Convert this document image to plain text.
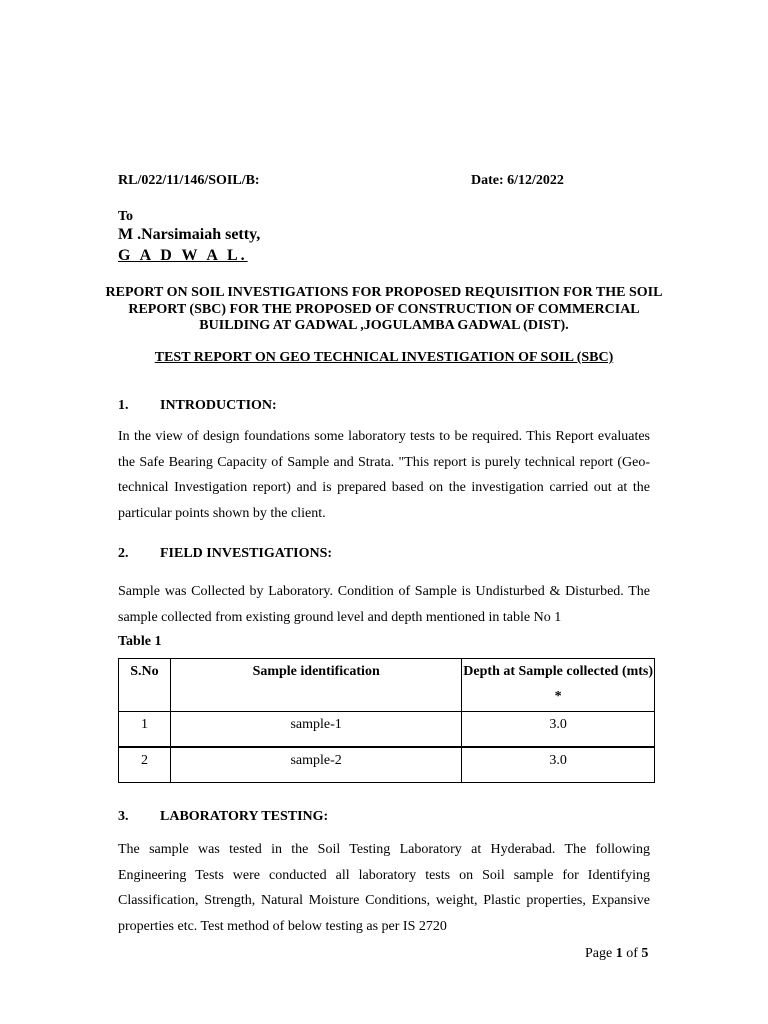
RL/022/11/146/SOIL/B:	Date: 6/12/2022
To
M .Narsimaiah setty,
G A D W A L.
REPORT ON SOIL INVESTIGATIONS FOR PROPOSED REQUISITION FOR THE SOIL REPORT (SBC) FOR THE PROPOSED OF CONSTRUCTION OF COMMERCIAL BUILDING AT GADWAL ,JOGULAMBA GADWAL (DIST).
TEST REPORT ON GEO TECHNICAL INVESTIGATION OF SOIL (SBC)
1. INTRODUCTION:
In the view of design foundations some laboratory tests to be required. This Report evaluates the Safe Bearing Capacity of Sample and Strata. "This report is purely technical report (Geo-technical Investigation report) and is prepared based on the investigation carried out at the particular points shown by the client.
2. FIELD INVESTIGATIONS:
Sample was Collected by Laboratory. Condition of Sample is Undisturbed & Disturbed. The sample collected from existing ground level and depth mentioned in table No 1
Table 1
S.No	Sample identification	Depth at Sample collected (mts) *
1	sample-1	3.0
2	sample-2	3.0
3. LABORATORY TESTING:
The sample was tested in the Soil Testing Laboratory at Hyderabad. The following Engineering Tests were conducted all laboratory tests on Soil sample for Identifying Classification, Strength, Natural Moisture Conditions, weight, Plastic properties, Expansive properties etc. Test method of below testing as per IS 2720
Page 1 of 5
